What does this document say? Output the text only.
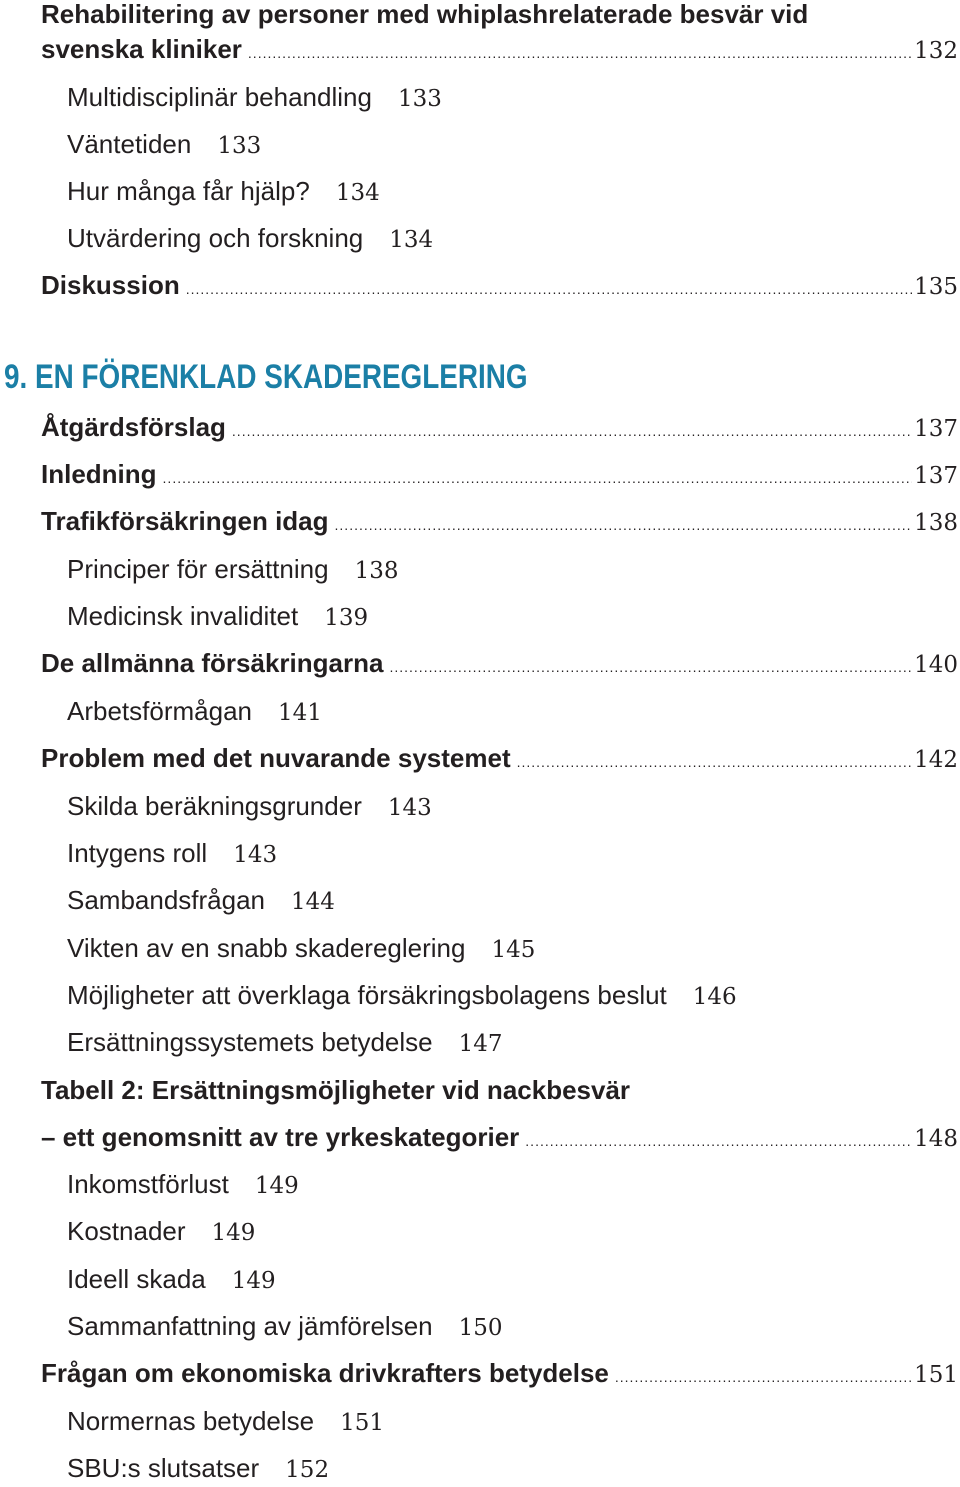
Rehabilitering av personer med whiplashrelaterade besvär vid
svenska kliniker .....	132
Multidisciplinär behandling 133
Väntetiden 133
Hur många får hjälp? 134
Utvärdering och forskning 134
Diskussion .....	135
9. EN FÖRENKLAD SKADEREGLERING
Åtgärdsförslag .....	137
Inledning .....	137
Trafikförsäkringen idag .....	138
Principer för ersättning 138
Medicinsk invaliditet 139
De allmänna försäkringarna .....	140
Arbetsförmågan 141
Problem med det nuvarande systemet .....	142
Skilda beräkningsgrunder 143
Intygens roll 143
Sambandsfrågan 144
Vikten av en snabb skadereglering 145
Möjligheter att överklaga försäkringsbolagens beslut 146
Ersättningssystemets betydelse 147
Tabell 2: Ersättningsmöjligheter vid nackbesvär
– ett genomsnitt av tre yrkeskategorier .....	148
Inkomstförlust 149
Kostnader 149
Ideell skada 149
Sammanfattning av jämförelsen 150
Frågan om ekonomiska drivkrafters betydelse .....	151
Normernas betydelse 151
SBU:s slutsatser 152
